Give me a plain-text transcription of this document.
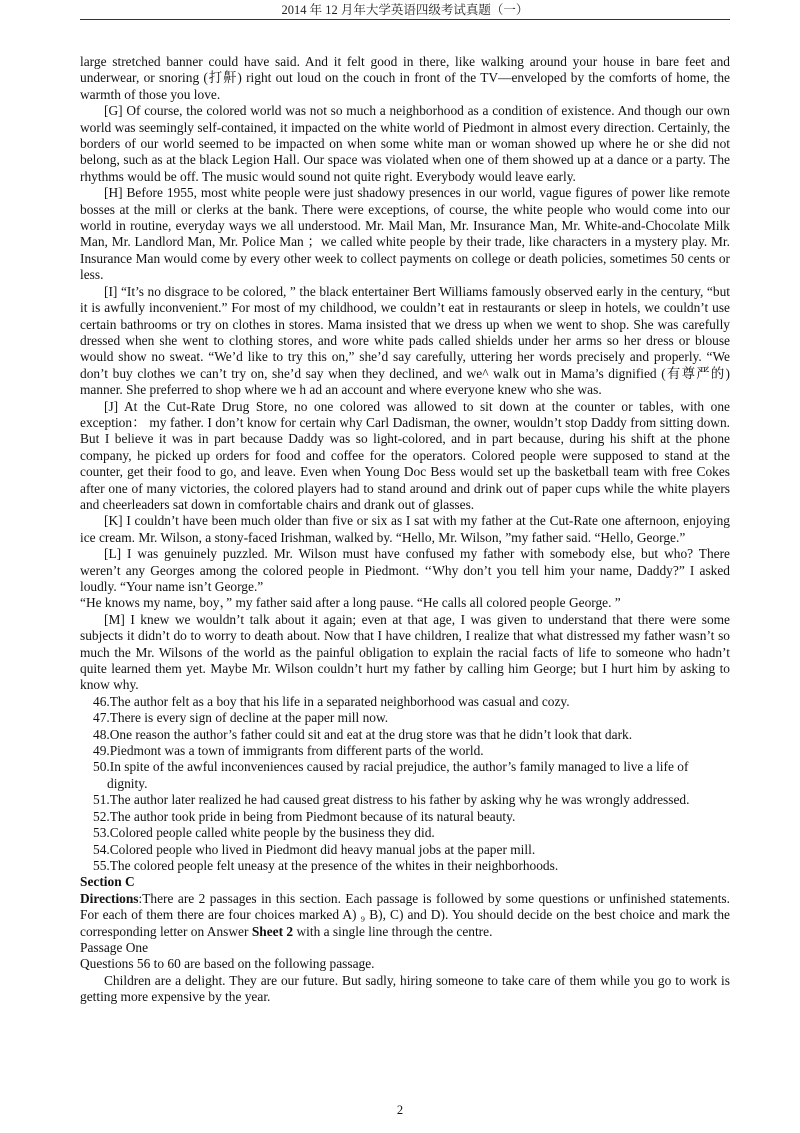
2014 年 12 月年大学英语四级考试真题（一）

large stretched banner could have said. And it felt good in there, like walking around your house in bare feet and underwear, or snoring (打鼾) right out loud on the couch in front of the TV—enveloped by the comforts of home, the warmth of those you love.

[G] Of course, the colored world was not so much a neighborhood as a condition of existence. And though our own world was seemingly self-contained, it impacted on the white world of Piedmont in almost every direction. Certainly, the borders of our world seemed to be impacted on when some white man or woman showed up where he or she did not belong, such as at the black Legion Hall. Our space was violated when one of them showed up at a dance or a party. The rhythms would be off. The music would sound not quite right. Everybody would leave early.

[H] Before 1955, most white people were just shadowy presences in our world, vague figures of power like remote bosses at the mill or clerks at the bank. There were exceptions, of course, the white people who would come into our world in routine, everyday ways we all understood. Mr. Mail Man, Mr. Insurance Man, Mr. White-and-Chocolate Milk Man, Mr. Landlord Man, Mr. Police Man ；we called white people by their trade, like characters in a mystery play. Mr. Insurance Man would come by every other week to collect payments on college or death policies, sometimes 50 cents or less.

[I] “It’s no disgrace to be colored, ” the black entertainer Bert Williams famously observed early in the century, “but it is awfully inconvenient.” For most of my childhood, we couldn’t eat in restaurants or sleep in hotels, we couldn’t use certain bathrooms or try on clothes in stores. Mama insisted that we dress up when we went to shop. She was carefully dressed when she went to clothing stores, and wore white pads called shields under her arms so her dress or blouse would show no sweat. “We’d like to try this on,” she’d say carefully, uttering her words precisely and properly. “We don’t buy clothes we can’t try on, she’d say when they declined, and we^ walk out in Mama’s dignified (有尊严的) manner. She preferred to shop where we h ad an account and where everyone knew who she was.

[J] At the Cut-Rate Drug Store, no one colored was allowed to sit down at the counter or tables, with one exception： my father. I don’t know for certain why Carl Dadisman, the owner, wouldn’t stop Daddy from sitting down. But I believe it was in part because Daddy was so light-colored, and in part because, during his shift at the phone company, he picked up orders for food and coffee for the operators. Colored people were supposed to stand at the counter, get their food to go, and leave. Even when Young Doc Bess would set up the basketball team with free Cokes after one of many victories, the colored players had to stand around and drink out of paper cups while the white players and cheerleaders sat down in comfortable chairs and drank out of glasses.

[K] I couldn’t have been much older than five or six as I sat with my father at the Cut-Rate one afternoon, enjoying ice cream. Mr. Wilson, a stony-faced Irishman, walked by. “Hello, Mr. Wilson, ”my father said. “Hello, George.”

[L] I was genuinely puzzled. Mr. Wilson must have confused my father with somebody else, but who? There weren’t any Georges among the colored people in Piedmont. ‘‘Why don’t you tell him your name, Daddy?” I asked loudly. “Your name isn’t George.”

“He knows my name, boy，” my father said after a long pause. “He calls all colored people George. ”

[M] I knew we wouldn’t talk about it again; even at that age, I was given to understand that there were some subjects it didn’t do to worry to death about. Now that I have children, I realize that what distressed my father wasn’t so much the Mr. Wilsons of the world as the painful obligation to explain the racial facts of life to someone who hadn’t quite learned them yet. Maybe Mr. Wilson couldn’t hurt my father by calling him George; but I hurt him by asking to know why.

46.The author felt as a boy that his life in a separated neighborhood was casual and cozy.

47.There is every sign of decline at the paper mill now.

48.One reason the author’s father could sit and eat at the drug store was that he didn’t look that dark.

49.Piedmont was a town of immigrants from different parts of the world.

50.In spite of the awful inconveniences caused by racial prejudice, the author’s family managed to live a life of dignity.

51.The author later realized he had caused great distress to his father by asking why he was wrongly addressed.

52.The author took pride in being from Piedmont because of its natural beauty.

53.Colored people called white people by the business they did.

54.Colored people who lived in Piedmont did heavy manual jobs at the paper mill.

55.The colored people felt uneasy at the presence of the whites in their neighborhoods.

Section C

Directions:There are 2 passages in this section. Each passage is followed by some questions or unfinished statements. For each of them there are four choices marked A) ₉ B), C) and D). You should decide on the best choice and mark the corresponding letter on Answer Sheet 2 with a single line through the centre.

Passage One

Questions 56 to 60 are based on the following passage.

Children are a delight. They are our future. But sadly, hiring someone to take care of them while you go to work is getting more expensive by the year.

2
